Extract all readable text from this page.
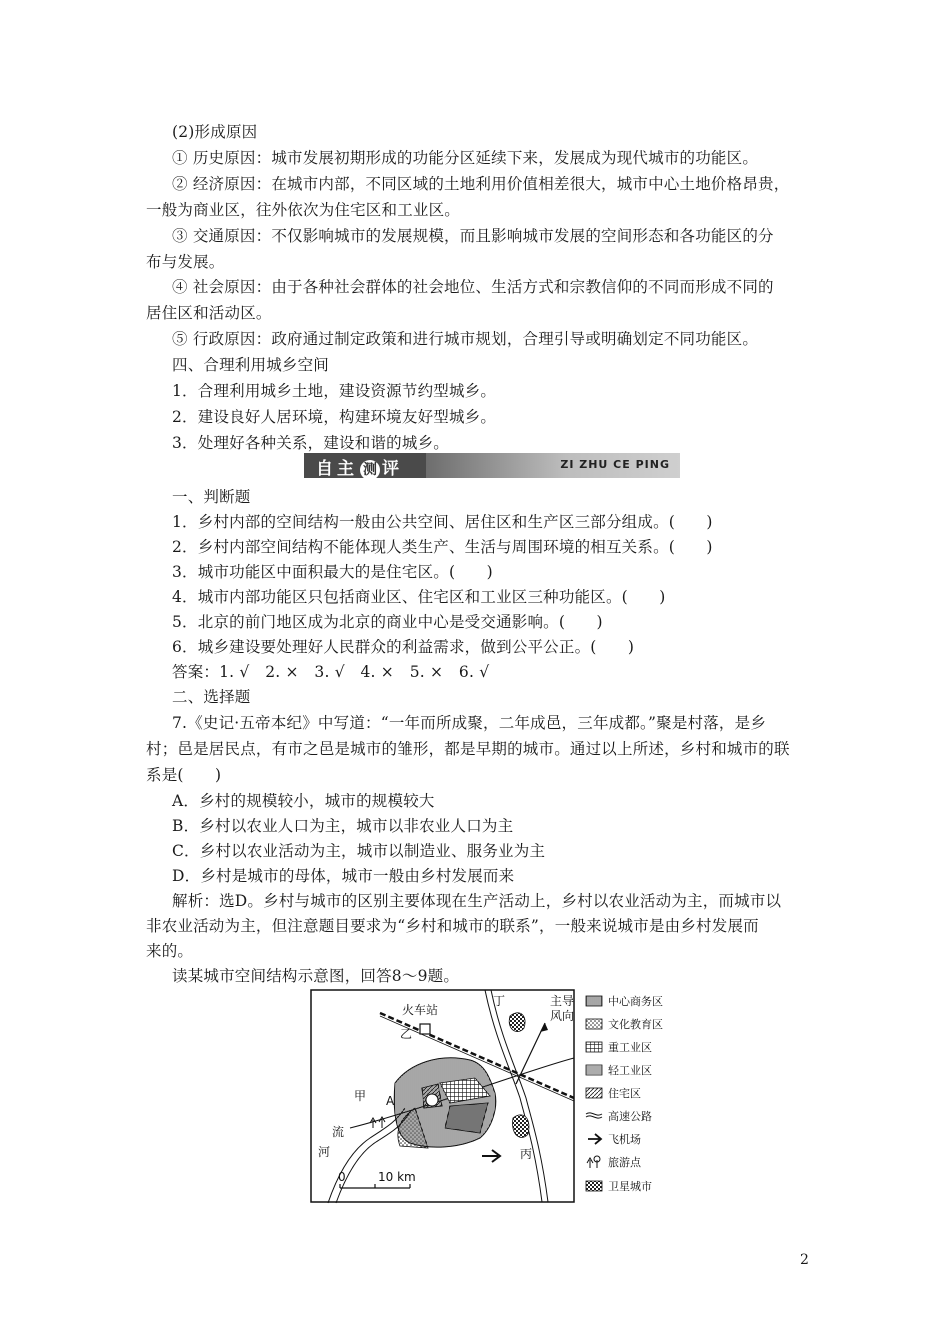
(2)形成原因
① 历史原因：城市发展初期形成的功能分区延续下来，发展成为现代城市的功能区。
② 经济原因：在城市内部，不同区域的土地利用价值相差很大，城市中心土地价格昂贵，
一般为商业区，往外依次为住宅区和工业区。
③ 交通原因：不仅影响城市的发展规模，而且影响城市发展的空间形态和各功能区的分
布与发展。
④ 社会原因：由于各种社会群体的社会地位、生活方式和宗教信仰的不同而形成不同的
居住区和活动区。
⑤ 行政原因：政府通过制定政策和进行城市规划，合理引导或明确划定不同功能区。
四、合理利用城乡空间
1．合理利用城乡土地，建设资源节约型城乡。
2．建设良好人居环境，构建环境友好型城乡。
3．处理好各种关系，建设和谐的城乡。
自主 测 评	ZI ZHU CE PING
一、判断题
1．乡村内部的空间结构一般由公共空间、居住区和生产区三部分组成。(　　)
2．乡村内部空间结构不能体现人类生产、生活与周围环境的相互关系。(　　)
3．城市功能区中面积最大的是住宅区。(　　)
4．城市内部功能区只包括商业区、住宅区和工业区三种功能区。(　　)
5．北京的前门地区成为北京的商业中心是受交通影响。(　　)
6．城乡建设要处理好人民群众的利益需求，做到公平公正。(　　)
答案：1. √　2. ×　3. √　4. ×　5. ×　6. √
二、选择题
7.《史记·五帝本纪》中写道：“一年而所成聚，二年成邑，三年成都。”聚是村落，是乡
村；邑是居民点，有市之邑是城市的雏形，都是早期的城市。通过以上所述，乡村和城市的联
系是(　　)
A．乡村的规模较小，城市的规模较大
B．乡村以农业人口为主，城市以非农业人口为主
C．乡村以农业活动为主，城市以制造业、服务业为主
D．乡村是城市的母体，城市一般由乡村发展而来
解析：选D。乡村与城市的区别主要体现在生产活动上，乡村以农业活动为主，而城市以
非农业活动为主，但注意题目要求为“乡村和城市的联系”，一般来说城市是由乡村发展而
来的。
读某城市空间结构示意图，回答8～9题。
火车站
丁	主导
风向
乙
甲 A
流
河	丙
0	10 km
中心商务区
文化教育区
重工业区
轻工业区
住宅区
高速公路
飞机场
旅游点
卫星城市
2
